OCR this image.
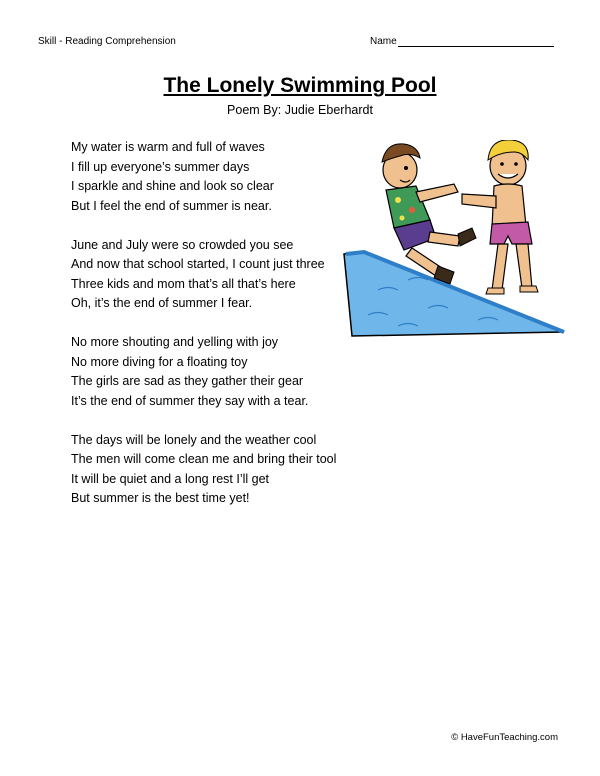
Skill - Reading Comprehension	Name
The Lonely Swimming Pool
Poem By: Judie Eberhardt
My water is warm and full of waves
I fill up everyone’s summer days
I sparkle and shine and look so clear
But I feel the end of summer is near.
June and July were so crowded you see
And now that school started, I count just three
Three kids and mom that’s all that’s here
Oh, it’s the end of summer I fear.
No more shouting and yelling with joy
No more diving for a floating toy
The girls are sad as they gather their gear
It’s the end of summer they say with a tear.
The days will be lonely and the weather cool
The men will come clean me and bring their tool
It will be quiet and a long rest I’ll get
But summer is the best time yet!
© HaveFunTeaching.com
